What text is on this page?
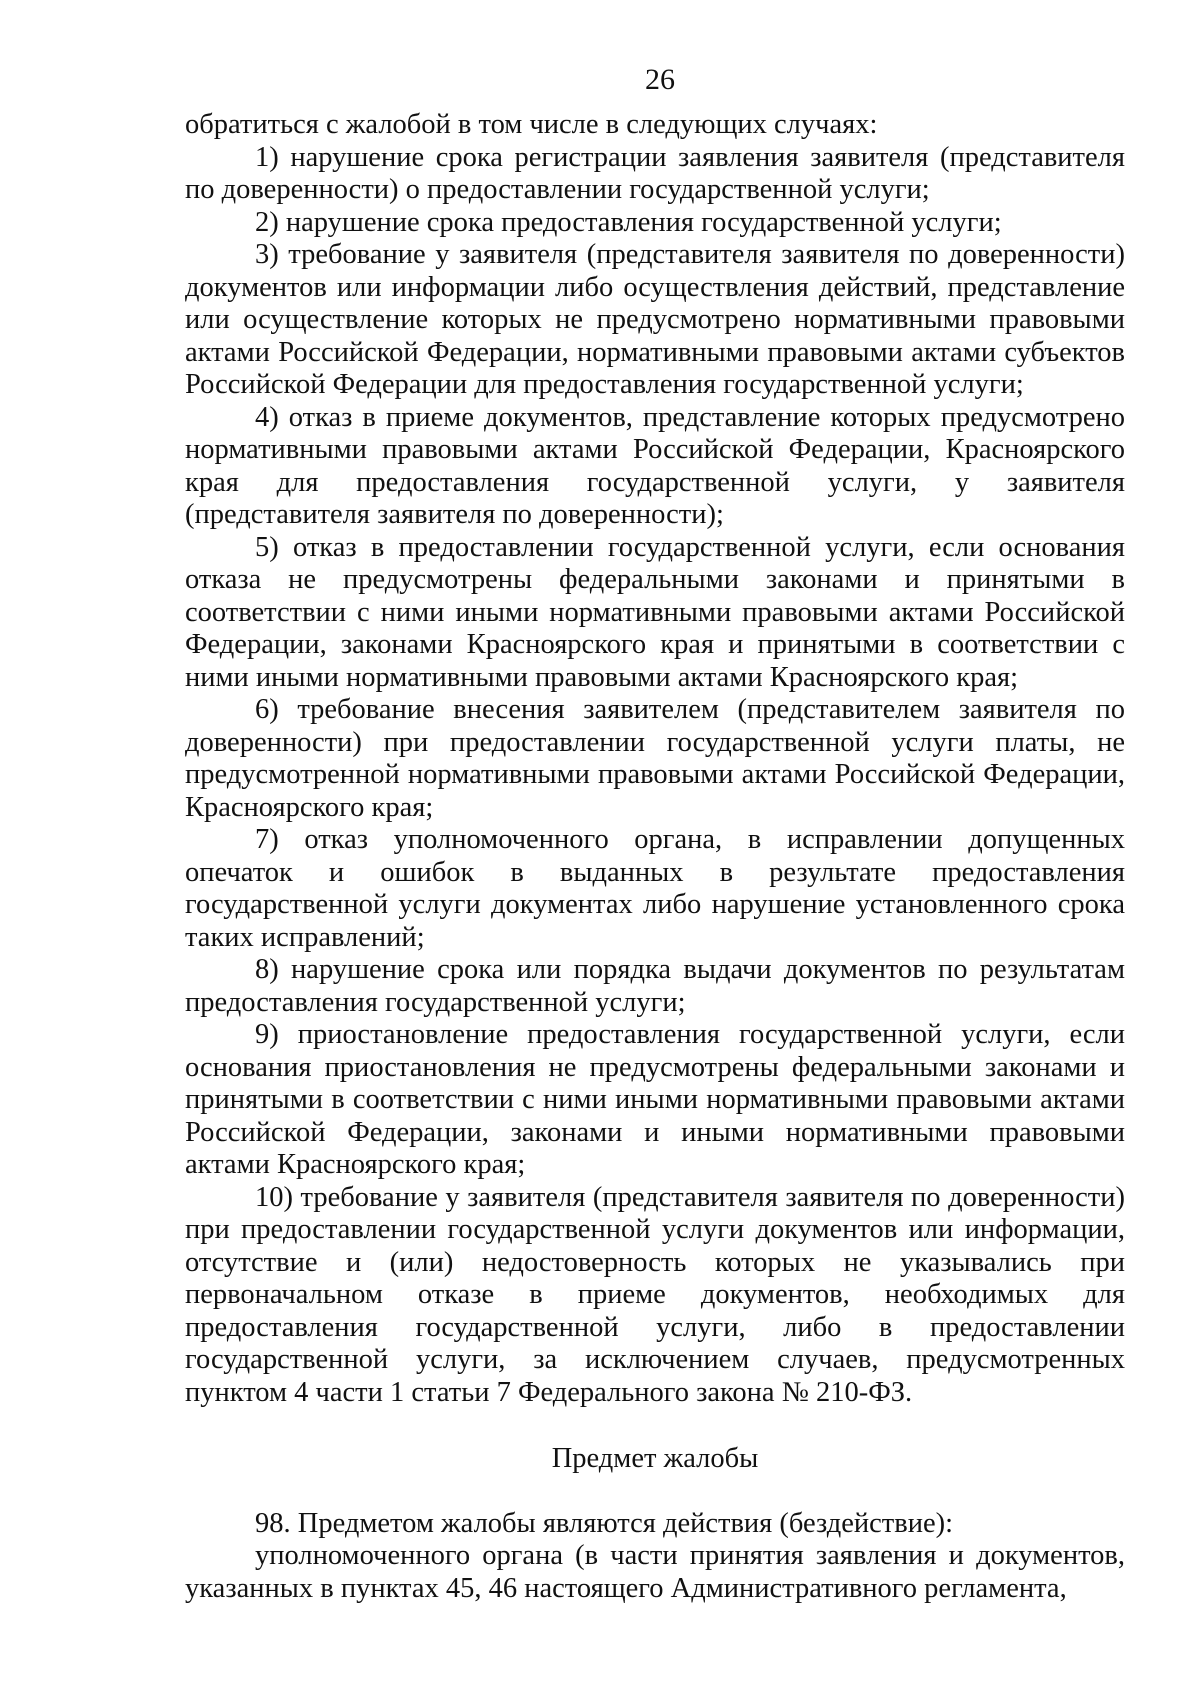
26

обратиться с жалобой в том числе в следующих случаях:

1) нарушение срока регистрации заявления заявителя (представителя по доверенности) о предоставлении государственной услуги;

2) нарушение срока предоставления государственной услуги;

3) требование у заявителя (представителя заявителя по доверенности) документов или информации либо осуществления действий, представление или осуществление которых не предусмотрено нормативными правовыми актами Российской Федерации, нормативными правовыми актами субъектов Российской Федерации для предоставления государственной услуги;

4) отказ в приеме документов, представление которых предусмотрено нормативными правовыми актами Российской Федерации, Красноярского края для предоставления государственной услуги, у заявителя (представителя заявителя по доверенности);

5) отказ в предоставлении государственной услуги, если основания отказа не предусмотрены федеральными законами и принятыми в соответствии с ними иными нормативными правовыми актами Российской Федерации, законами Красноярского края и принятыми в соответствии с ними иными нормативными правовыми актами Красноярского края;

6) требование внесения заявителем (представителем заявителя по доверенности) при предоставлении государственной услуги платы, не предусмотренной нормативными правовыми актами Российской Федерации, Красноярского края;

7) отказ уполномоченного органа, в исправлении допущенных опечаток и ошибок в выданных в результате предоставления государственной услуги документах либо нарушение установленного срока таких исправлений;

8) нарушение срока или порядка выдачи документов по результатам предоставления государственной услуги;

9) приостановление предоставления государственной услуги, если основания приостановления не предусмотрены федеральными законами и принятыми в соответствии с ними иными нормативными правовыми актами Российской Федерации, законами и иными нормативными правовыми актами Красноярского края;

10) требование у заявителя (представителя заявителя по доверенности) при предоставлении государственной услуги документов или информации, отсутствие и (или) недостоверность которых не указывались при первоначальном отказе в приеме документов, необходимых для предоставления государственной услуги, либо в предоставлении государственной услуги, за исключением случаев, предусмотренных пунктом 4 части 1 статьи 7 Федерального закона № 210-ФЗ.

Предмет жалобы

98. Предметом жалобы являются действия (бездействие):

уполномоченного органа (в части принятия заявления и документов, указанных в пунктах 45, 46 настоящего Административного регламента,
